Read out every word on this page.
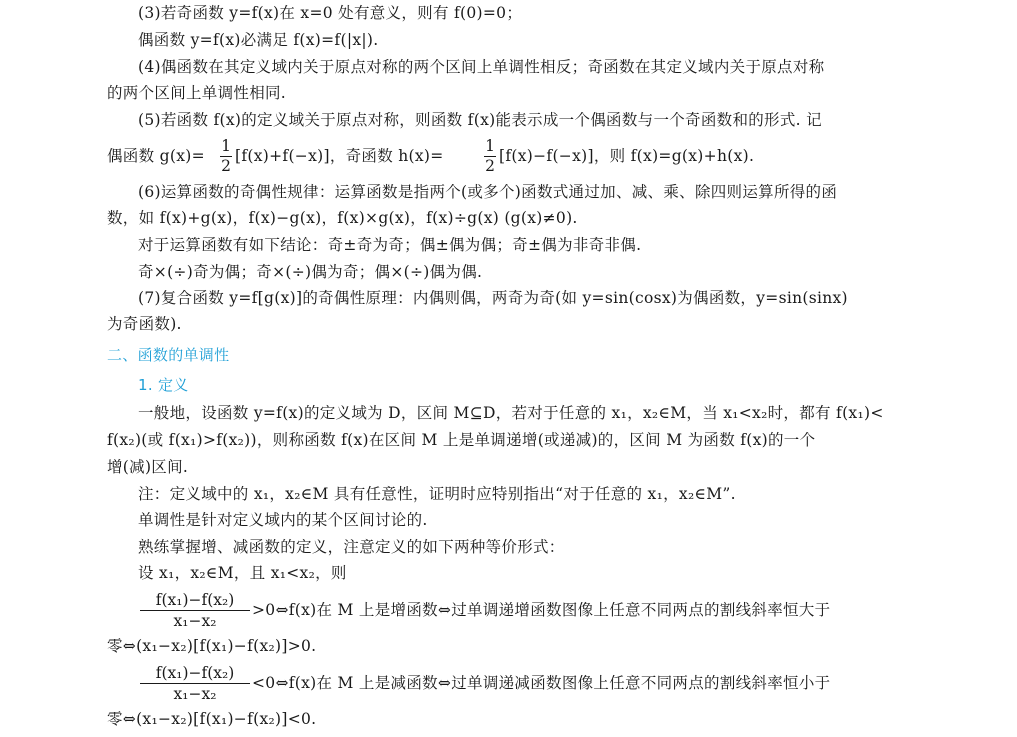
(3)若奇函数 y=f(x)在 x=0 处有意义，则有 f(0)=0；
偶函数 y=f(x)必满足 f(x)=f(|x|).
(4)偶函数在其定义域内关于原点对称的两个区间上单调性相反；奇函数在其定义域内关于原点对称
的两个区间上单调性相同.
(5)若函数 f(x)的定义域关于原点对称，则函数 f(x)能表示成一个偶函数与一个奇函数和的形式. 记
偶函数 g(x)=
1
2
[f(x)+f(−x)]，奇函数 h(x)=
1
2
[f(x)−f(−x)]，则 f(x)=g(x)+h(x).
(6)运算函数的奇偶性规律：运算函数是指两个(或多个)函数式通过加、减、乘、除四则运算所得的函
数，如 f(x)+g(x)，f(x)−g(x)，f(x)×g(x)，f(x)÷g(x) (g(x)≠0).
对于运算函数有如下结论：奇±奇为奇；偶±偶为偶；奇±偶为非奇非偶.
奇×(÷)奇为偶；奇×(÷)偶为奇；偶×(÷)偶为偶.
(7)复合函数 y=f[g(x)]的奇偶性原理：内偶则偶，两奇为奇(如 y=sin(cosx)为偶函数，y=sin(sinx)
为奇函数).
二、函数的单调性
1. 定义
一般地，设函数 y=f(x)的定义域为 D，区间 M⊆D，若对于任意的 x₁，x₂∈M，当 x₁<x₂时，都有 f(x₁)<
f(x₂)(或 f(x₁)>f(x₂))，则称函数 f(x)在区间 M 上是单调递增(或递减)的，区间 M 为函数 f(x)的一个
增(减)区间.
注：定义域中的 x₁，x₂∈M 具有任意性，证明时应特别指出“对于任意的 x₁，x₂∈M”.
单调性是针对定义域内的某个区间讨论的.
熟练掌握增、减函数的定义，注意定义的如下两种等价形式：
设 x₁，x₂∈M，且 x₁<x₂，则
f(x₁)−f(x₂)
x₁−x₂
>0⇔f(x)在 M 上是增函数⇔过单调递增函数图像上任意不同两点的割线斜率恒大于
零⇔(x₁−x₂)[f(x₁)−f(x₂)]>0.
f(x₁)−f(x₂)
x₁−x₂
<0⇔f(x)在 M 上是减函数⇔过单调递减函数图像上任意不同两点的割线斜率恒小于
零⇔(x₁−x₂)[f(x₁)−f(x₂)]<0.
